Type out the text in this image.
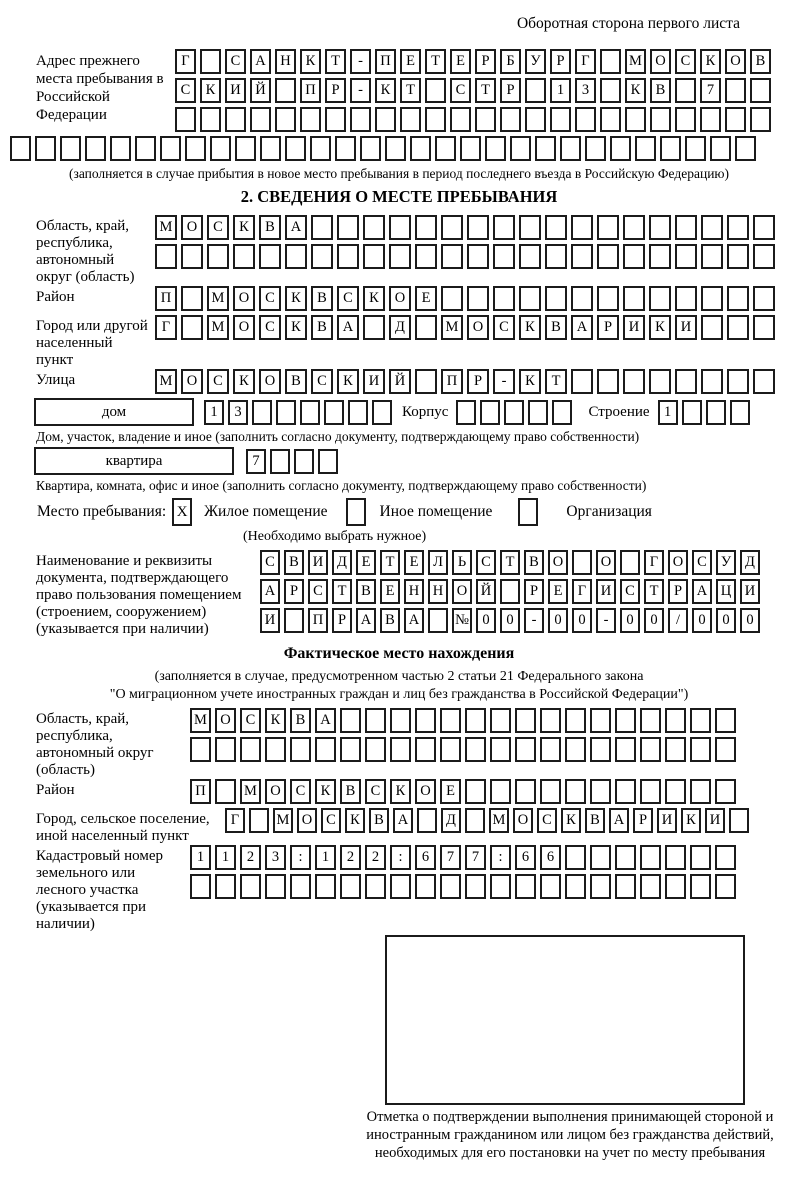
Оборотная сторона первого листа
Адрес прежнего места пребывания в Российской Федерации
Г
	С	А	Н	К	Т	-	П	Е	Т	Е	Р	Б	У	Р	Г
	М О	С	К	О	В
С	К	И	Й
	П	Р	-	К	Т
	С	Т	Р
	1	3
	К	В
	7

(заполняется в случае прибытия в новое место пребывания в период последнего въезда в Российскую Федерацию)
2. СВЕДЕНИЯ О МЕСТЕ ПРЕБЫВАНИЯ
Область, край, республика, автономный округ (область)
М О	С	К	В	А

Район	П
	М О	С	К	В	С	К	О	Е

Город или другой населенный пункт
Г
	М О	С	К	В	А
	Д
	М О	С	К	В	А	Р	И	К	И

Улица	М О	С	К	О	В	С	К	И	Й
	П	Р	-	К	Т

дом	1	3

	Корпус

	Строение 1

Дом, участок, владение и иное (заполнить согласно документу, подтверждающему право собственности)
квартира	7

Квартира, комната, офис и иное (заполнить согласно документу, подтверждающему право собственности)
Место пребывания: X Жилое помещение	Иное помещение	Организация
(Необходимо выбрать нужное)
Наименование и реквизиты документа, подтверждающего право пользования помещением (строением, сооружением) (указывается при наличии)
С В И Д	Е	Т	Е	Л	Ь	С	Т	В О
	О
	Г	О С У Д
А	Р	С	Т	В	Е Н Н О Й
	Р	Е	Г	И С	Т	Р	А Ц И
И
	П	Р	А В А
	№ 0	0	-	0	0	-	0	0	/	0	0	0
Фактическое место нахождения
(заполняется в случае, предусмотренном частью 2 статьи 21 Федерального закона
"О миграционном учете иностранных граждан и лиц без гражданства в Российской Федерации")
Область, край, республика, автономный округ (область)
М О	С	К	В	А

Район	П
	М О	С	К	В	С	К	О	Е

Город, сельское поселение, иной населенный пункт
Г
	М О С К В А
	Д
	М О С К В А	Р	И К И

Кадастровый номер земельного или лесного участка (указывается при наличии)
1	1	2	3	:	1	2	2	:	6	7	7	:	6	6

Отметка о подтверждении выполнения принимающей стороной и иностранным гражданином или лицом без гражданства действий, необходимых для его постановки на учет по месту пребывания
